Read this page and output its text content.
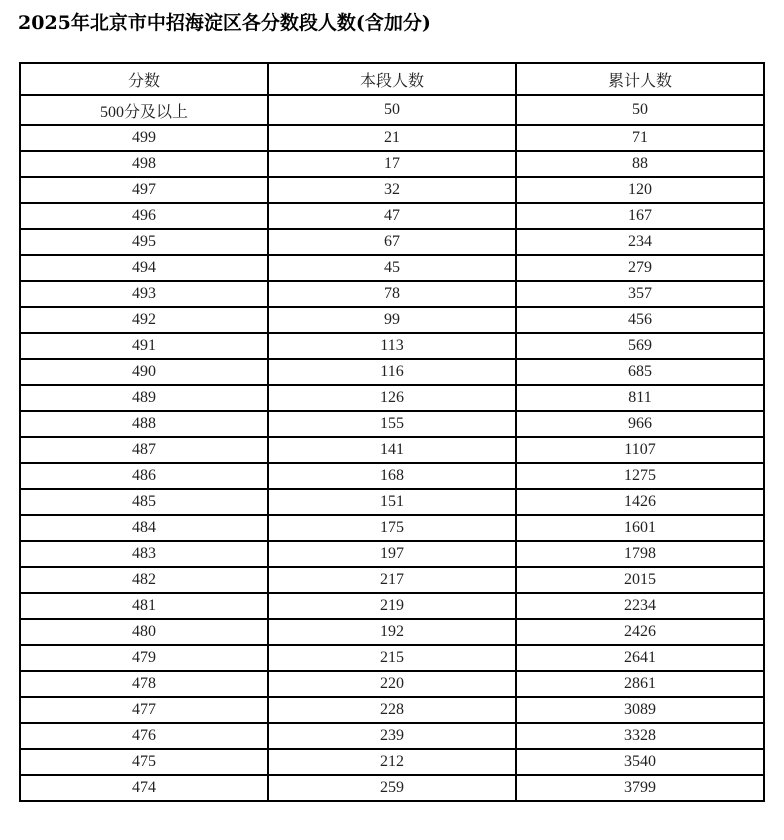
2025年北京市中招海淀区各分数段人数(含加分)
分数	本段人数	累计人数
500分及以上	50	50
499	21	71
498	17	88
497	32	120
496	47	167
495	67	234
494	45	279
493	78	357
492	99	456
491	113	569
490	116	685
489	126	811
488	155	966
487	141	1107
486	168	1275
485	151	1426
484	175	1601
483	197	1798
482	217	2015
481	219	2234
480	192	2426
479	215	2641
478	220	2861
477	228	3089
476	239	3328
475	212	3540
474	259	3799
